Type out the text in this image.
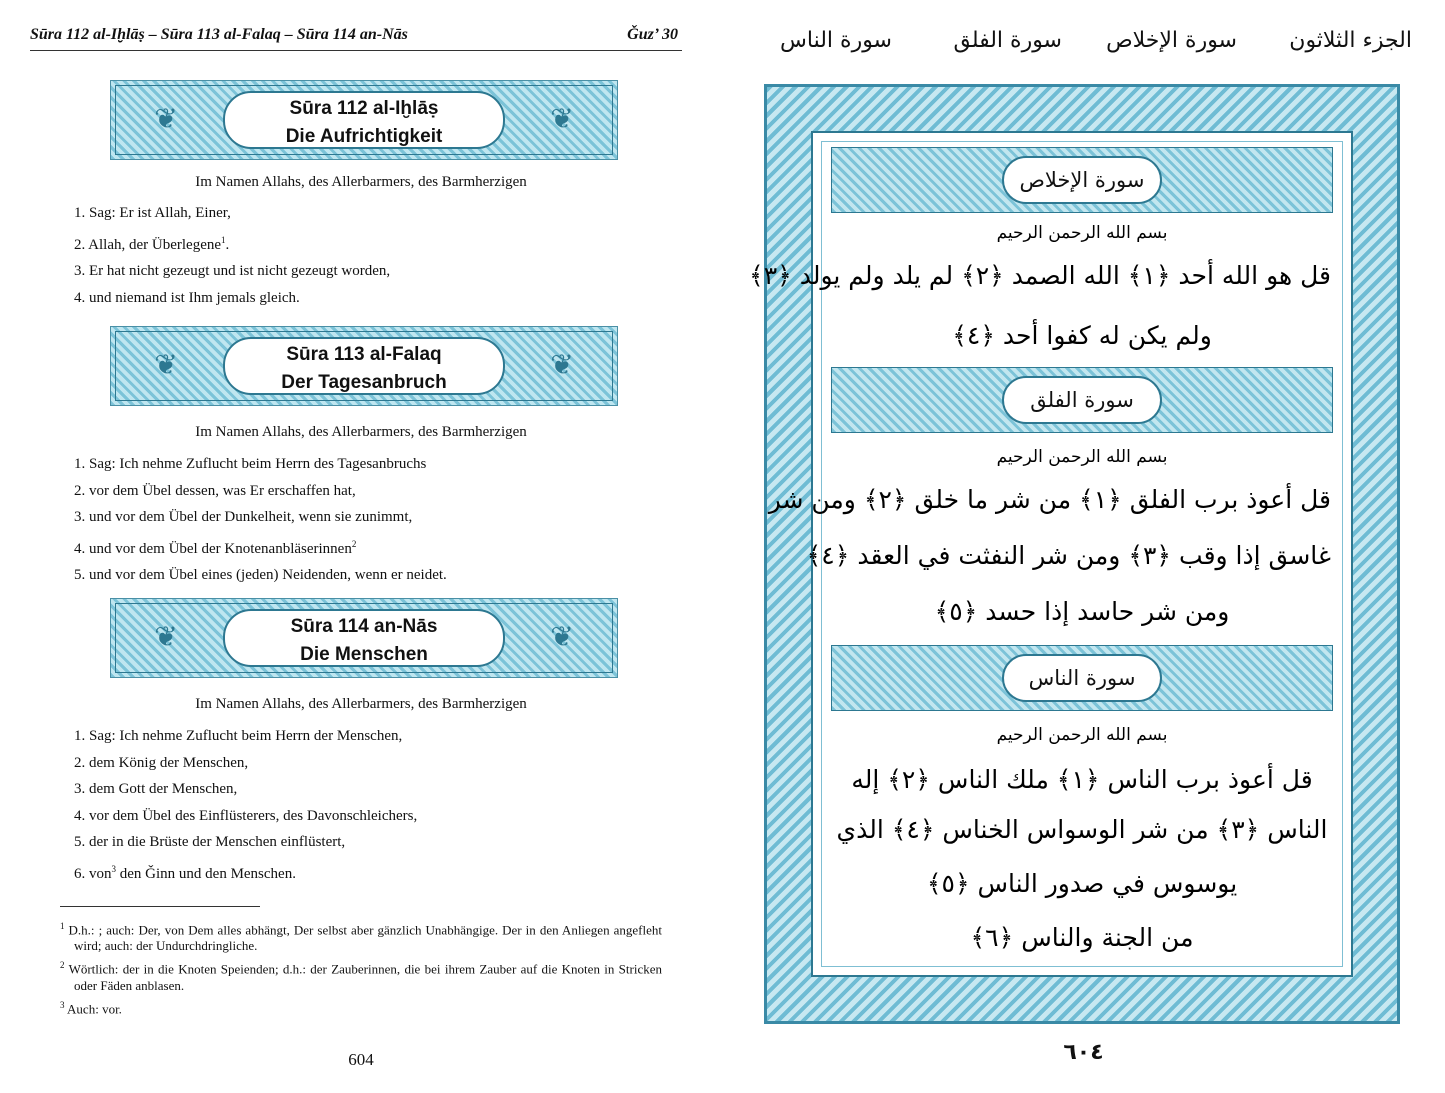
Sūra 112 al-Iḫlāṣ – Sūra 113 al-Falaq – Sūra 114 an-Nās	Ǧuz’ 30
❦	❦
Sūra 112 al-Iḫlāṣ
Die Aufrichtigkeit
Im Namen Allahs, des Allerbarmers, des Barmherzigen
1. Sag: Er ist Allah, Einer,
2. Allah, der Überlegene$^1$.
3. Er hat nicht gezeugt und ist nicht gezeugt worden,
4. und niemand ist Ihm jemals gleich.
❦	❦
Sūra 113 al-Falaq
Der Tagesanbruch
Im Namen Allahs, des Allerbarmers, des Barmherzigen
1. Sag: Ich nehme Zuflucht beim Herrn des Tagesanbruchs
2. vor dem Übel dessen, was Er erschaffen hat,
3. und vor dem Übel der Dunkelheit, wenn sie zunimmt,
4. und vor dem Übel der Knotenanbläserinnen$^2$
5. und vor dem Übel eines (jeden) Neidenden, wenn er neidet.
❦	❦
Sūra 114 an-Nās
Die Menschen
Im Namen Allahs, des Allerbarmers, des Barmherzigen
1. Sag: Ich nehme Zuflucht beim Herrn der Menschen,
2. dem König der Menschen,
3. dem Gott der Menschen,
4. vor dem Übel des Einflüsterers, des Davonschleichers,
5. der in die Brüste der Menschen einflüstert,
6. von$^3$ den Ǧinn und den Menschen.
$^1$ D.h.: ; auch: Der, von Dem alles abhängt, Der selbst aber gänzlich Unabhängige. Der in den Anliegen angefleht wird; auch: der Undurchdringliche.
$^2$ Wörtlich: der in die Knoten Speienden; d.h.: der Zauberinnen, die bei ihrem Zauber auf die Knoten in Stricken oder Fäden anblasen.
$^3$ Auch: vor.
604
الجزء الثلاثون
سورة الإخلاص
سورة الفلق
سورة الناس
سورة الإخلاص
بسم الله الرحمن الرحيم
قل هو الله أحد ﴿١﴾ الله الصمد ﴿٢﴾ لم يلد ولم يولد ﴿٣﴾
ولم يكن له كفوا أحد ﴿٤﴾
سورة الفلق
بسم الله الرحمن الرحيم
قل أعوذ برب الفلق ﴿١﴾ من شر ما خلق ﴿٢﴾ ومن شر
غاسق إذا وقب ﴿٣﴾ ومن شر النفثت في العقد ﴿٤﴾
ومن شر حاسد إذا حسد ﴿٥﴾
سورة الناس
بسم الله الرحمن الرحيم
قل أعوذ برب الناس ﴿١﴾ ملك الناس ﴿٢﴾ إله
الناس ﴿٣﴾ من شر الوسواس الخناس ﴿٤﴾ الذي
يوسوس في صدور الناس ﴿٥﴾
من الجنة والناس ﴿٦﴾
٦٠٤
